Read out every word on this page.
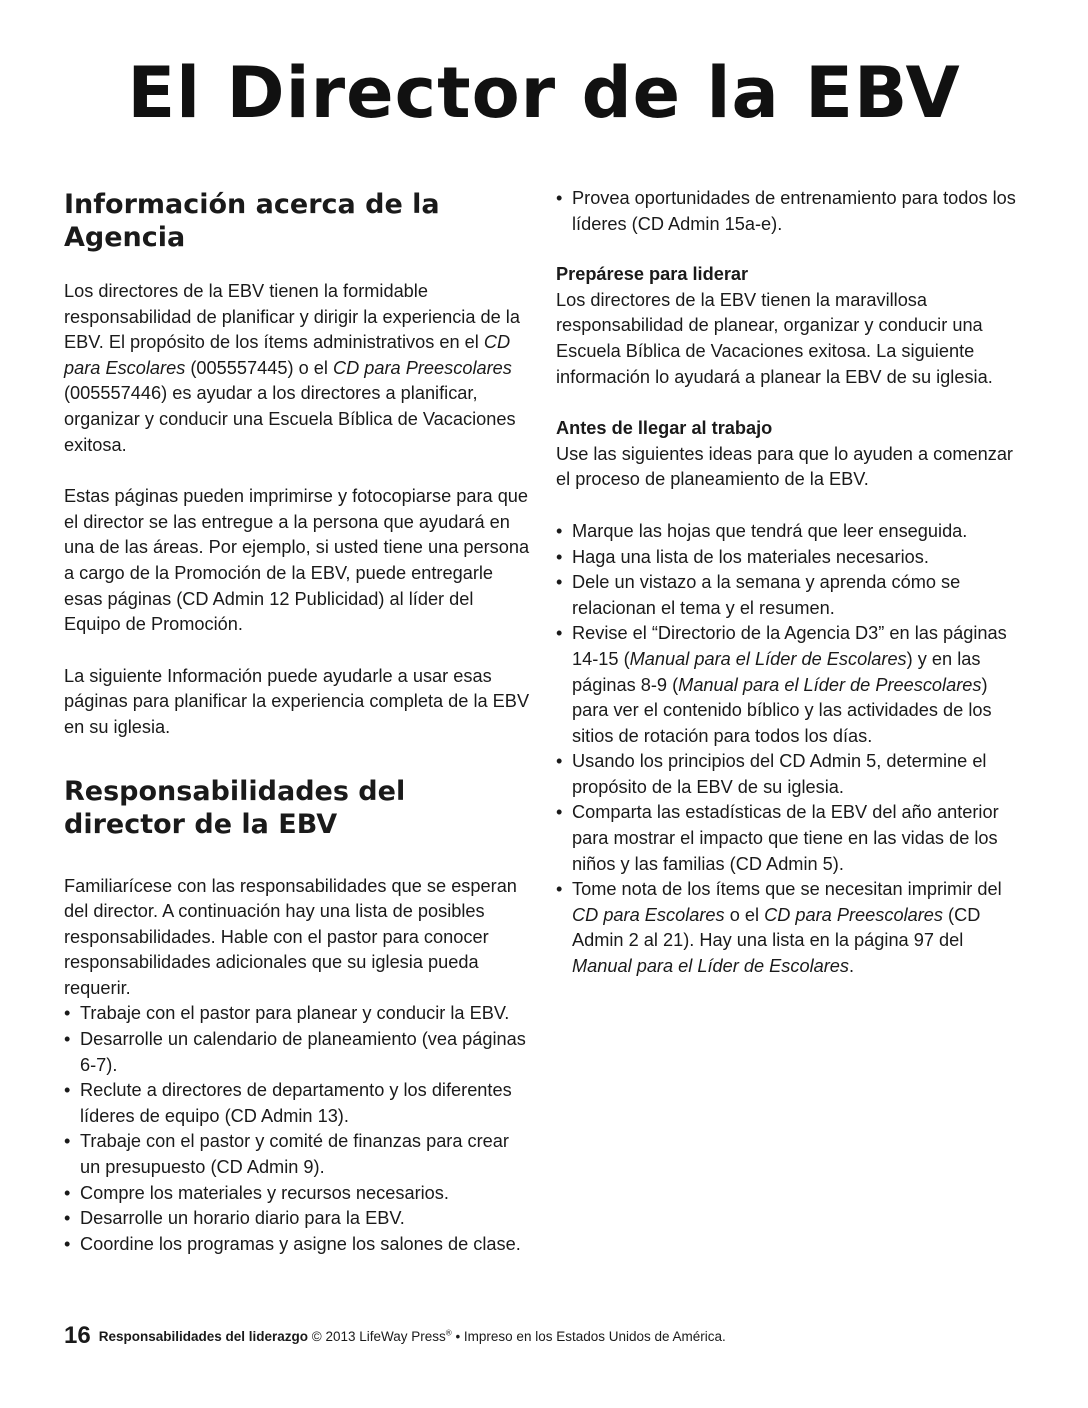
El Director de la EBV
Información acerca de la Agencia

Los directores de la EBV tienen la formidable responsabilidad de planificar y dirigir la experiencia de la EBV. El propósito de los ítems administrativos en el CD para Escolares (005557445) o el CD para Preescolares (005557446) es ayudar a los directores a planificar, organizar y conducir una Escuela Bíblica de Vacaciones exitosa.

Estas páginas pueden imprimirse y fotocopiarse para que el director se las entregue a la persona que ayudará en una de las áreas. Por ejemplo, si usted tiene una persona a cargo de la Promoción de la EBV, puede entregarle esas páginas (CD Admin 12 Publicidad) al líder del Equipo de Promoción.

La siguiente Información puede ayudarle a usar esas páginas para planificar la experiencia completa de la EBV en su iglesia.

Responsabilidades del
director de la EBV

Familiarícese con las responsabilidades que se esperan del director. A continuación hay una lista de posibles responsabilidades. Hable con el pastor para conocer responsabilidades adicionales que su iglesia pueda requerir.

• Trabaje con el pastor para planear y conducir la EBV.
• Desarrolle un calendario de planeamiento (vea páginas 6-7).
• Reclute a directores de departamento y los diferentes líderes de equipo (CD Admin 13).
• Trabaje con el pastor y comité de finanzas para crear un presupuesto (CD Admin 9).
• Compre los materiales y recursos necesarios.
• Desarrolle un horario diario para la EBV.
• Coordine los programas y asigne los salones de clase.
• Provea oportunidades de entrenamiento para todos los líderes (CD Admin 15a-e).

Prepárese para liderar

Los directores de la EBV tienen la maravillosa responsabilidad de planear, organizar y conducir una Escuela Bíblica de Vacaciones exitosa. La siguiente información lo ayudará a planear la EBV de su iglesia.

Antes de llegar al trabajo

Use las siguientes ideas para que lo ayuden a comenzar el proceso de planeamiento de la EBV.

• Marque las hojas que tendrá que leer enseguida.
• Haga una lista de los materiales necesarios.
• Dele un vistazo a la semana y aprenda cómo se relacionan el tema y el resumen.
• Revise el “Directorio de la Agencia D3” en las páginas 14-15 (Manual para el Líder de Escolares) y en las páginas 8-9 (Manual para el Líder de Preescolares) para ver el contenido bíblico y las actividades de los sitios de rotación para todos los días.
• Usando los principios del CD Admin 5, determine el propósito de la EBV de su iglesia.
• Comparta las estadísticas de la EBV del año anterior para mostrar el impacto que tiene en las vidas de los niños y las familias (CD Admin 5).
• Tome nota de los ítems que se necesitan imprimir del CD para Escolares o el CD para Preescolares (CD Admin 2 al 21). Hay una lista en la página 97 del Manual para el Líder de Escolares.
16 Responsabilidades del liderazgo © 2013 LifeWay Press® • Impreso en los Estados Unidos de América.
